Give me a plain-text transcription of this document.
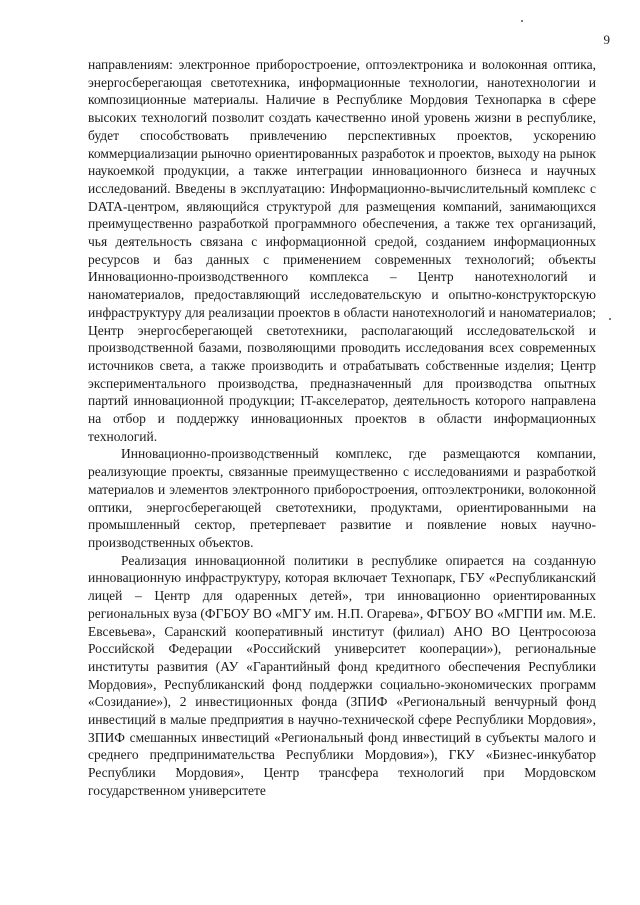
9

направлениям: электронное приборостроение, оптоэлектроника и волоконная оптика, энергосберегающая светотехника, информационные технологии, нанотехнологии и композиционные материалы. Наличие в Республике Мордовия Технопарка в сфере высоких технологий позволит создать качественно иной уровень жизни в республике, будет способствовать привлечению перспективных проектов, ускорению коммерциализации рыночно ориентированных разработок и проектов, выходу на рынок наукоемкой продукции, а также интеграции инновационного бизнеса и научных исследований. Введены в эксплуатацию: Информационно-вычислительный комплекс с DATA-центром, являющийся структурой для размещения компаний, занимающихся преимущественно разработкой программного обеспечения, а также тех организаций, чья деятельность связана с информационной средой, созданием информационных ресурсов и баз данных с применением современных технологий; объекты Инновационно-производственного комплекса – Центр нанотехнологий и наноматериалов, предоставляющий исследовательскую и опытно-конструкторскую инфраструктуру для реализации проектов в области нанотехнологий и наноматериалов; Центр энергосберегающей светотехники, располагающий исследовательской и производственной базами, позволяющими проводить исследования всех современных источников света, а также производить и отрабатывать собственные изделия; Центр экспериментального производства, предназначенный для производства опытных партий инновационной продукции; IT-акселератор, деятельность которого направлена на отбор и поддержку инновационных проектов в области информационных технологий.

Инновационно-производственный комплекс, где размещаются компании, реализующие проекты, связанные преимущественно с исследованиями и разработкой материалов и элементов электронного приборостроения, оптоэлектроники, волоконной оптики, энергосберегающей светотехники, продуктами, ориентированными на промышленный сектор, претерпевает развитие и появление новых научно-производственных объектов.

Реализация инновационной политики в республике опирается на созданную инновационную инфраструктуру, которая включает Технопарк, ГБУ «Республиканский лицей – Центр для одаренных детей», три инновационно ориентированных региональных вуза (ФГБОУ ВО «МГУ им. Н.П. Огарева», ФГБОУ ВО «МГПИ им. М.Е. Евсевьева», Саранский кооперативный институт (филиал) АНО ВО Центросоюза Российской Федерации «Российский университет кооперации»), региональные институты развития (АУ «Гарантийный фонд кредитного обеспечения Республики Мордовия», Республиканский фонд поддержки социально-экономических программ «Созидание»), 2 инвестиционных фонда (ЗПИФ «Региональный венчурный фонд инвестиций в малые предприятия в научно-технической сфере Республики Мордовия», ЗПИФ смешанных инвестиций «Региональный фонд инвестиций в субъекты малого и среднего предпринимательства Республики Мордовия»), ГКУ «Бизнес-инкубатор Республики Мордовия», Центр трансфера технологий при Мордовском государственном университете
